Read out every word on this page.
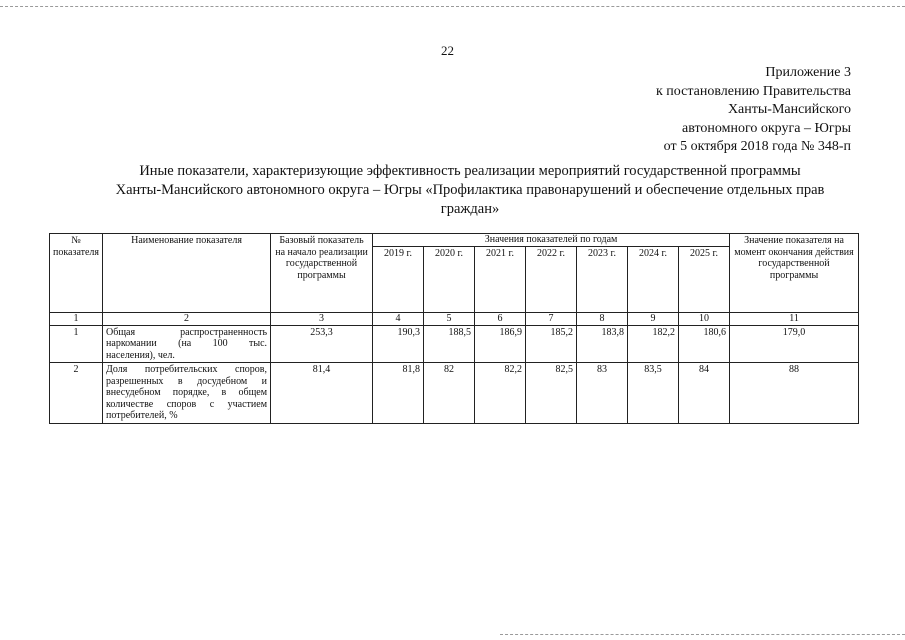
22
Приложение 3
к постановлению Правительства
Ханты-Мансийского
автономного округа – Югры
от 5 октября 2018 года № 348-п
Иные показатели, характеризующие эффективность реализации мероприятий государственной программы
Ханты-Мансийского автономного округа – Югры «Профилактика правонарушений и обеспечение отдельных прав
граждан»
№ показателя	Наименование показателя	Базовый показатель на начало реализации государственной программы	Значения показателей по годам							Значение показателя на момент окончания действия государственной программы
			2019 г.	2020 г.	2021 г.	2022 г.	2023 г.	2024 г.	2025 г.	
1	2	3	4	5	6	7	8	9	10	11
1	Общая распространенность
наркомании (на 100 тыс.
населения), чел.	253,3	190,3	188,5	186,9	185,2	183,8	182,2	180,6	179,0
2	Доля потребительских споров,
разрешенных в досудебном и
внесудебном порядке, в общем
количестве споров с участием
потребителей, %	81,4	81,8	82	82,2	82,5	83	83,5	84	88
